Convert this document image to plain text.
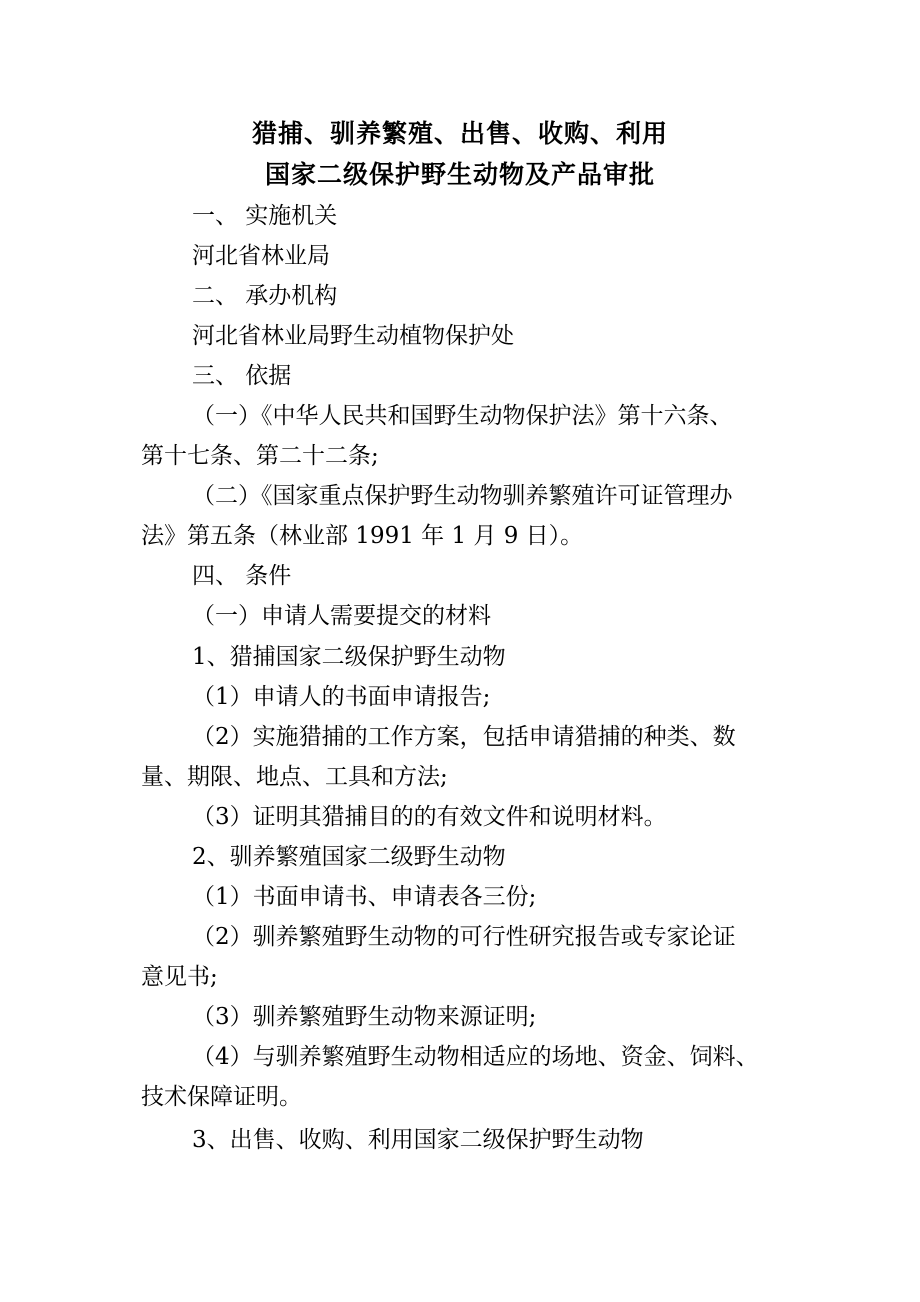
猎捕、驯养繁殖、出售、收购、利用
国家二级保护野生动物及产品审批
一、 实施机关
河北省林业局
二、 承办机构
河北省林业局野生动植物保护处
三、 依据
（一）《中华人民共和国野生动物保护法》第十六条、
第十七条、第二十二条;
（二）《国家重点保护野生动物驯养繁殖许可证管理办
法》第五条（林业部 1991 年 1 月 9 日）。
四、 条件
（一）申请人需要提交的材料
1、猎捕国家二级保护野生动物
（1）申请人的书面申请报告;
（2）实施猎捕的工作方案，包括申请猎捕的种类、数
量、期限、地点、工具和方法;
（3）证明其猎捕目的的有效文件和说明材料。
2、驯养繁殖国家二级野生动物
（1）书面申请书、申请表各三份;
（2）驯养繁殖野生动物的可行性研究报告或专家论证
意见书;
（3）驯养繁殖野生动物来源证明;
（4）与驯养繁殖野生动物相适应的场地、资金、饲料、
技术保障证明。
3、出售、收购、利用国家二级保护野生动物
